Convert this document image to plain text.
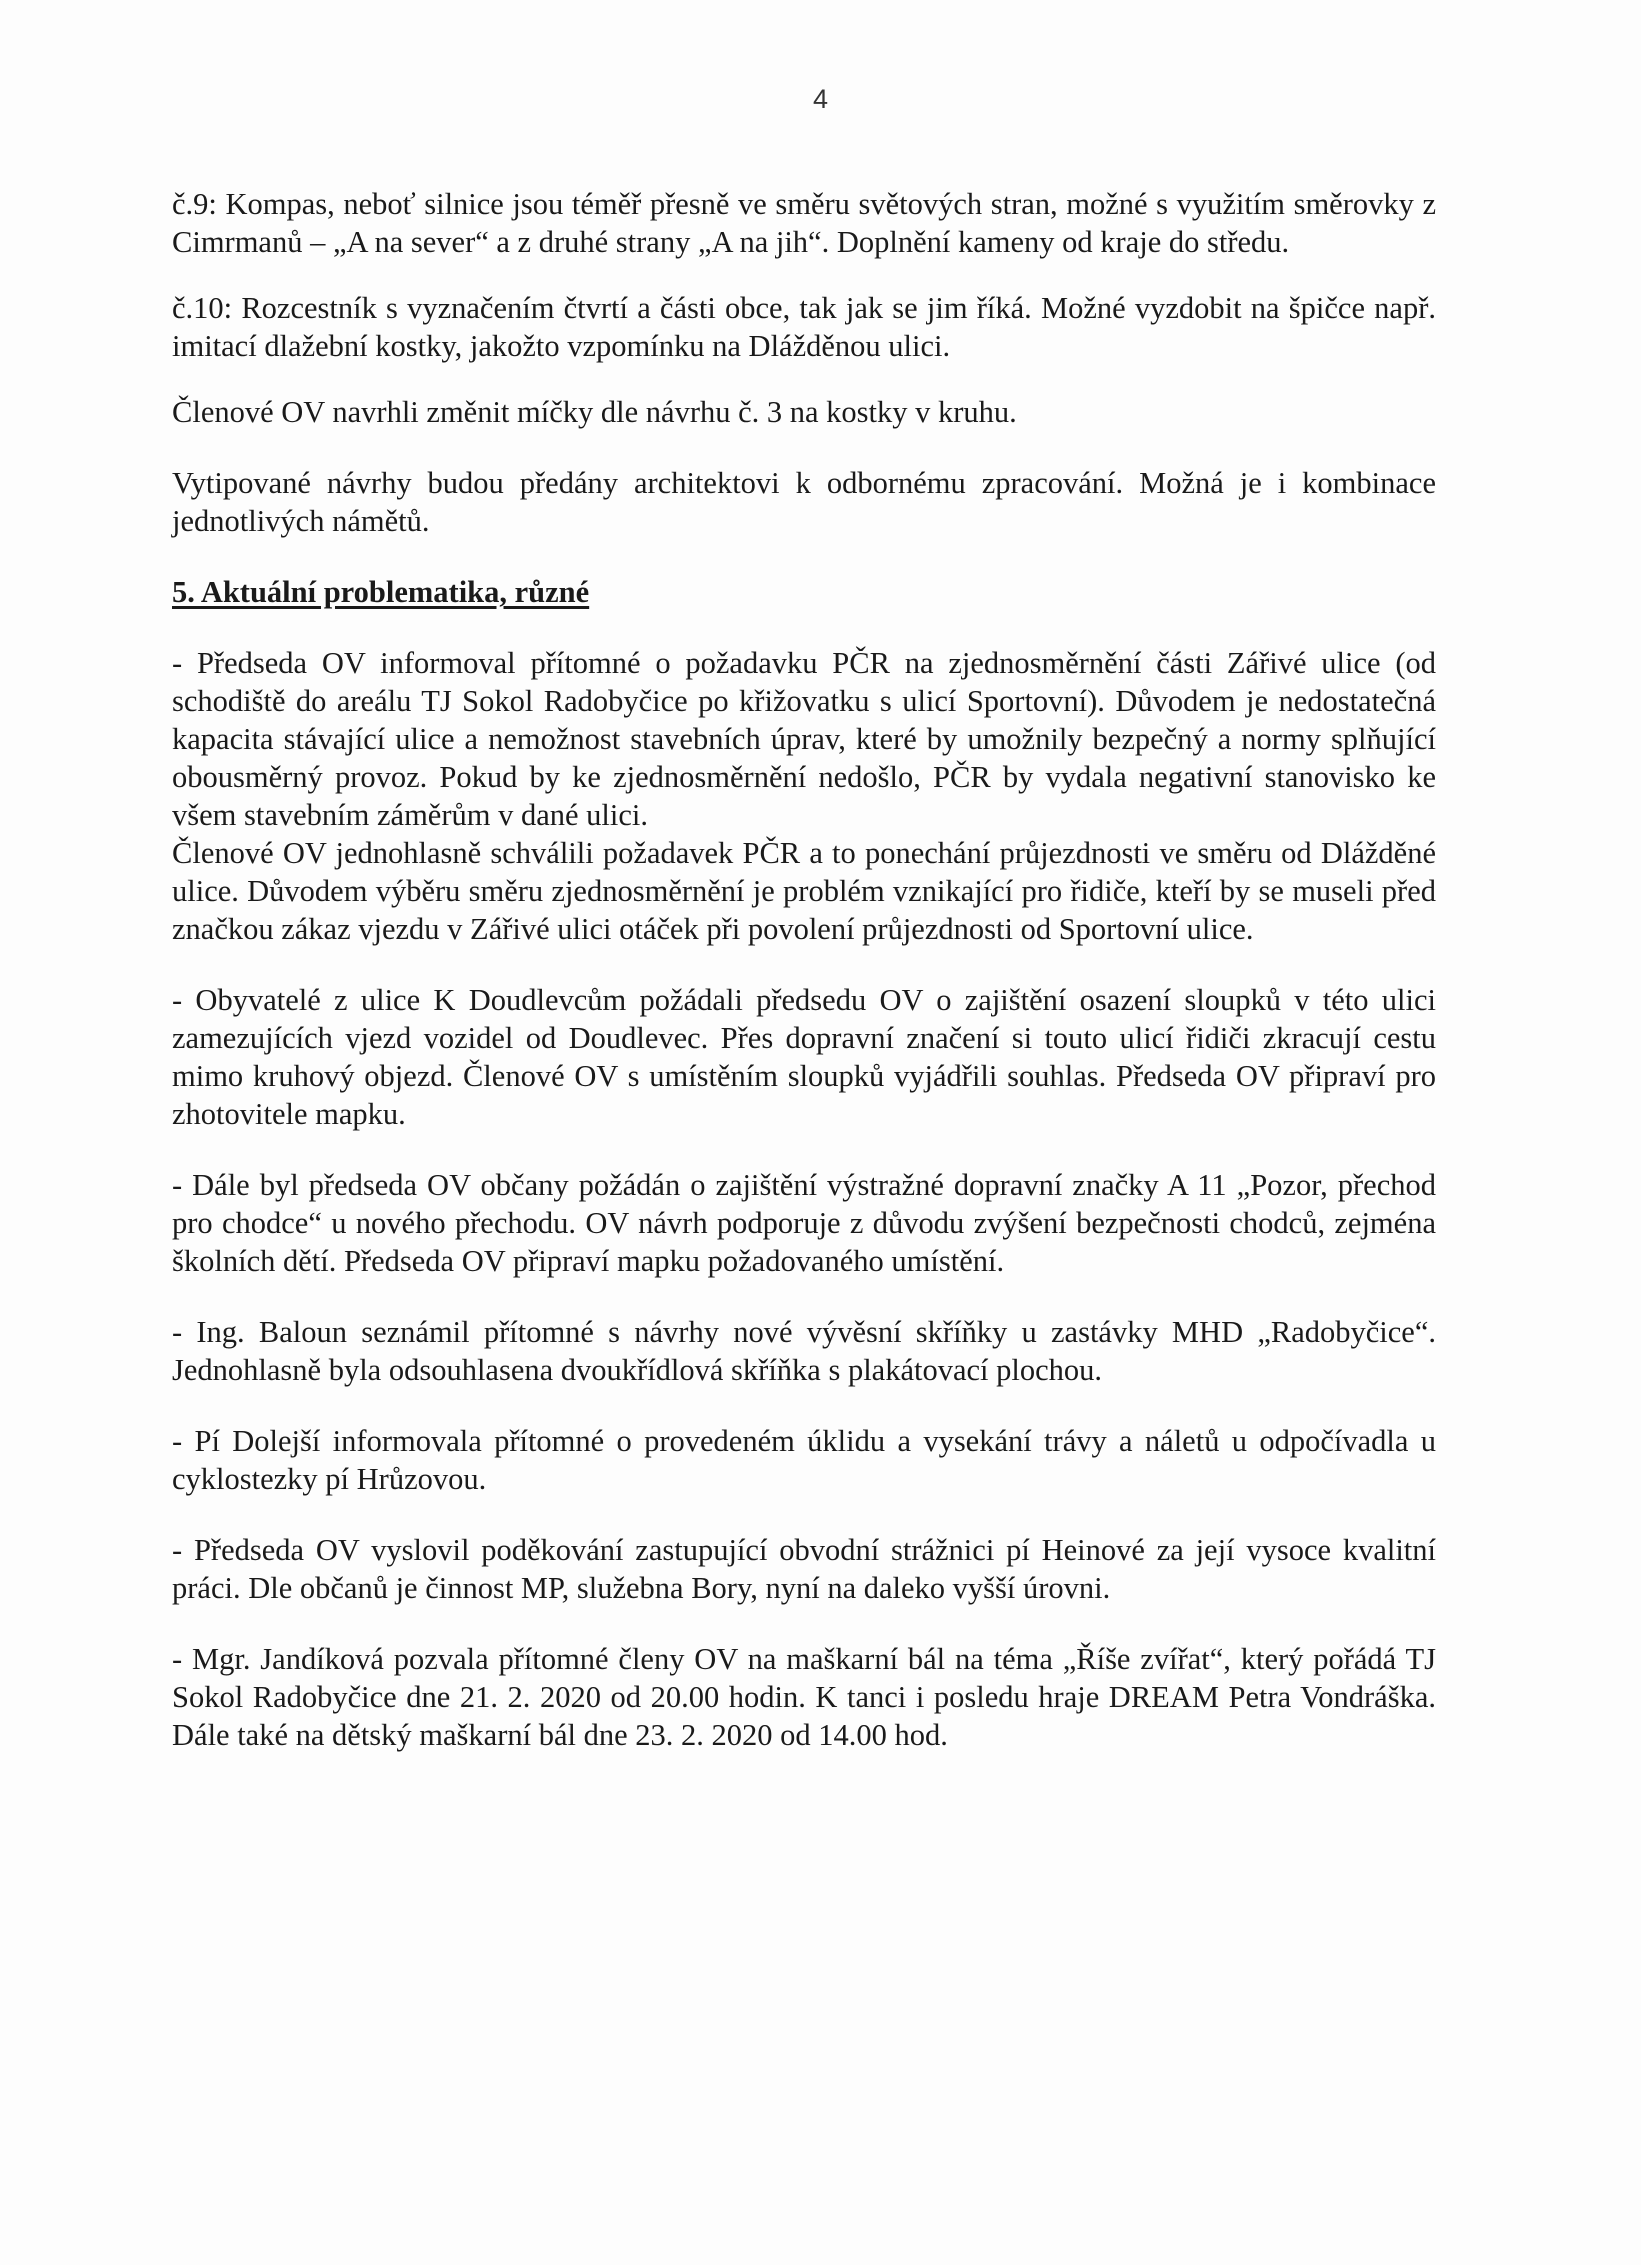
4

č.9: Kompas, neboť silnice jsou téměř přesně ve směru světových stran, možné s využitím směrovky z Cimrmanů – „A na sever“ a z druhé strany „A na jih“. Doplnění kameny od kraje do středu.

č.10: Rozcestník s vyznačením čtvrtí a části obce, tak jak se jim říká. Možné vyzdobit na špičce např. imitací dlažební kostky, jakožto vzpomínku na Dlážděnou ulici.

Členové OV navrhli změnit míčky dle návrhu č. 3 na kostky v kruhu.

Vytipované návrhy budou předány architektovi k odbornému zpracování. Možná je i kombinace jednotlivých námětů.

5. Aktuální problematika, různé

- Předseda OV informoval přítomné o požadavku PČR na zjednosměrnění části Zářivé ulice (od schodiště do areálu TJ Sokol Radobyčice po křižovatku s ulicí Sportovní). Důvodem je nedostatečná kapacita stávající ulice a nemožnost stavebních úprav, které by umožnily bezpečný a normy splňující obousměrný provoz. Pokud by ke zjednosměrnění nedošlo, PČR by vydala negativní stanovisko ke všem stavebním záměrům v dané ulici.

Členové OV jednohlasně schválili požadavek PČR a to ponechání průjezdnosti ve směru od Dlážděné ulice. Důvodem výběru směru zjednosměrnění je problém vznikající pro řidiče, kteří by se museli před značkou zákaz vjezdu v Zářivé ulici otáček při povolení průjezdnosti od Sportovní ulice.

- Obyvatelé z ulice K Doudlevcům požádali předsedu OV o zajištění osazení sloupků v této ulici zamezujících vjezd vozidel od Doudlevec. Přes dopravní značení si touto ulicí řidiči zkracují cestu mimo kruhový objezd. Členové OV s umístěním sloupků vyjádřili souhlas. Předseda OV připraví pro zhotovitele mapku.

- Dále byl předseda OV občany požádán o zajištění výstražné dopravní značky A 11 „Pozor, přechod pro chodce“ u nového přechodu. OV návrh podporuje z důvodu zvýšení bezpečnosti chodců, zejména školních dětí. Předseda OV připraví mapku požadovaného umístění.

- Ing. Baloun seznámil přítomné s návrhy nové vývěsní skříňky u zastávky MHD „Radobyčice“. Jednohlasně byla odsouhlasena dvoukřídlová skříňka s plakátovací plochou.

- Pí Dolejší informovala přítomné o provedeném úklidu a vysekání trávy a náletů u odpočívadla u cyklostezky pí Hrůzovou.

- Předseda OV vyslovil poděkování zastupující obvodní strážnici pí Heinové za její vysoce kvalitní práci. Dle občanů je činnost MP, služebna Bory, nyní na daleko vyšší úrovni.

- Mgr. Jandíková pozvala přítomné členy OV na maškarní bál na téma „Říše zvířat“, který pořádá TJ Sokol Radobyčice dne 21. 2. 2020 od 20.00 hodin. K tanci i posledu hraje DREAM Petra Vondráška. Dále také na dětský maškarní bál dne 23. 2. 2020 od 14.00 hod.
